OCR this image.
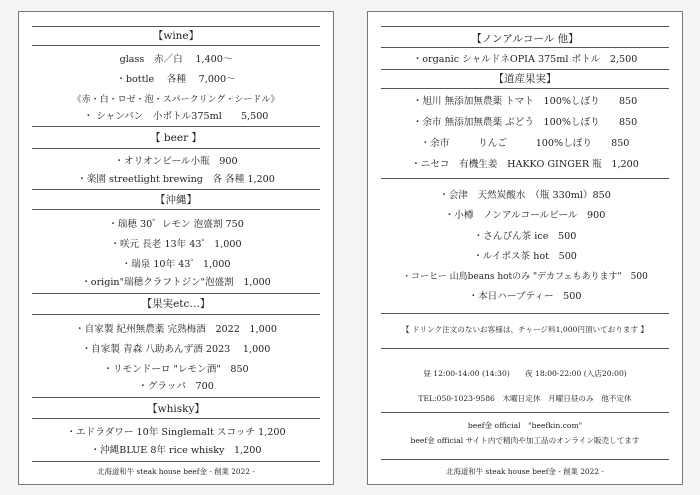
【wine】
glass　赤／白　 1,400〜
・bottle　 各種　 7,000〜
《赤・白・ロゼ・泡・スパークリング・シードル》
・ シャンパン　小ボトル375ml　　5,500
【 beer 】
・オリオンビール小瓶　900
・楽園 streetlight brewing　各 各種 1,200
【沖縄】
・瑞穂 30゜レモン 泡盛割 750
・咲元 長老 13年 43゜ 1,000
・瑞泉 10年 43゜ 1,000
・origin"瑞穂クラフトジン"泡盛割　1,000
【果実etc…】
・自家製 紀州無農薬 完熟梅酒　2022　1,000
・自家製 青森 八助あんず酒 2023　 1,000
・リモンドーロ "レモン酒"　850
・グラッパ　700
【whisky】
・エドラダワー 10年 Singlemalt スコッチ 1,200
・沖縄BLUE 8年 rice whisky　1,200
北海道和牛 steak house beef金 ‐ 創業 2022 ‐
【ノンアルコール 他】
・organic シャルドネOPIA 375ml ボトル　2,500
【道産果実】
・旭川 無添加無農薬 トマト　100%しぼり　　850
・余市 無添加無農薬 ぶどう　100%しぼり　　850
・余市　　　りんご　　　100%しぼり　　850
・ニセコ　有機生姜　HAKKO GINGER 瓶　1,200
・会津　天然炭酸水　（瓶 330ml）850
・小樽　ノンアルコールビール　900
・さんぴん茶 ice　500
・ルイボス茶 hot　500
・コーヒー 山鳥beans hotのみ "デカフェもあります"　500
・本日ハーブティー　500
【 ドリンク注文のないお客様は、チャージ料1,000円頂いております 】
昼 12:00-14:00 (14:30)　　夜 18:00-22:00 (入店20:00)
TEL:050-1023-9586　木曜日定休　月曜日昼のみ　他不定休
beef金 official　"beefkin.com"
beef金 official サイト内で精肉や加工品のオンライン販売してます
北海道和牛 steak house beef金 ‐ 創業 2022 ‐
